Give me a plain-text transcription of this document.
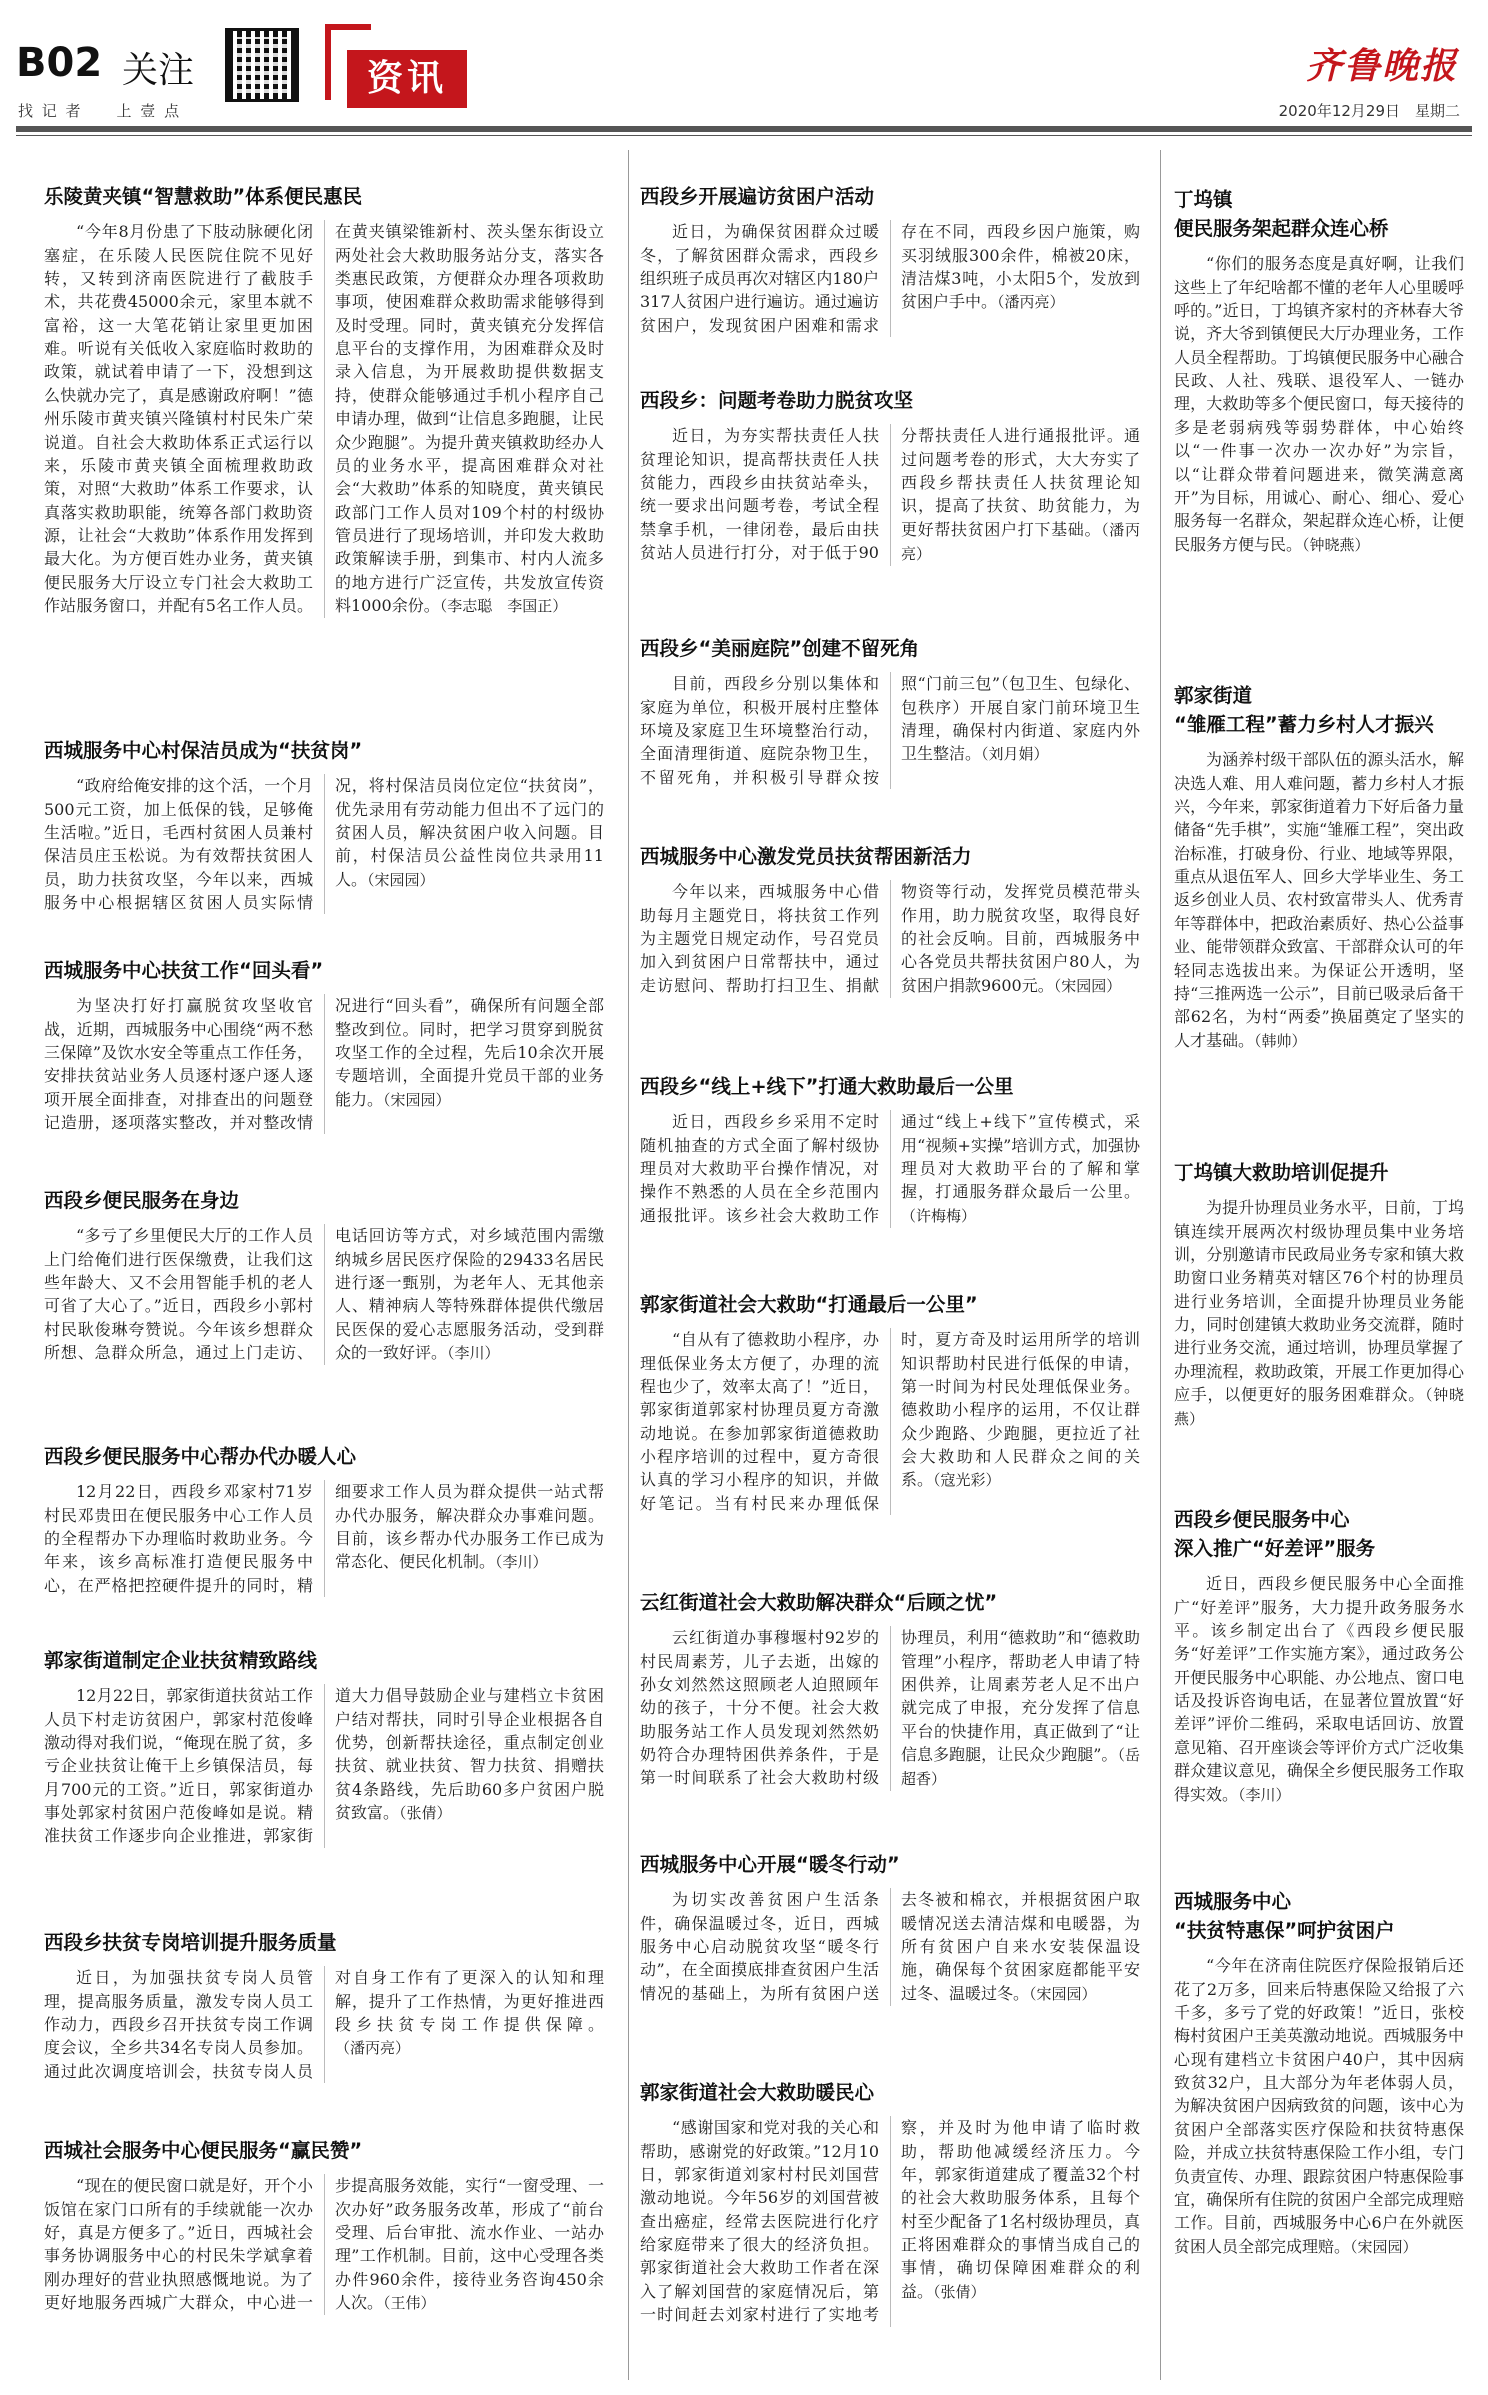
B02 关注
找 记 者　　上 壹 点
资讯	齐鲁晚报
2020年12月29日　星期二
乐陵黄夹镇“智慧救助”体系便民惠民
“今年8月份患了下肢动脉硬化闭塞症，在乐陵人民医院住院不见好转，又转到济南医院进行了截肢手术，共花费45000余元，家里本就不富裕，这一大笔花销让家里更加困难。听说有关低收入家庭临时救助的政策，就试着申请了一下，没想到这么快就办完了，真是感谢政府啊！”德州乐陵市黄夹镇兴隆镇村村民朱广荣说道。自社会大救助体系正式运行以来，乐陵市黄夹镇全面梳理救助政策，对照“大救助”体系工作要求，认真落实救助职能，统筹各部门救助资源，让社会“大救助”体系作用发挥到最大化。为方便百姓办业务，黄夹镇便民服务大厅设立专门社会大救助工作站服务窗口，并配有5名工作人员。在黄夹镇梁锥新村、茨头堡东街设立两处社会大救助服务站分支，落实各类惠民政策，方便群众办理各项救助事项，使困难群众救助需求能够得到及时受理。同时，黄夹镇充分发挥信息平台的支撑作用，为困难群众及时录入信息，为开展救助提供数据支持，使群众能够通过手机小程序自己申请办理，做到“让信息多跑腿，让民众少跑腿”。为提升黄夹镇救助经办人员的业务水平，提高困难群众对社会“大救助”体系的知晓度，黄夹镇民政部门工作人员对109个村的村级协管员进行了现场培训，并印发大救助政策解读手册，到集市、村内人流多的地方进行广泛宣传，共发放宣传资料1000余份。（李志聪　李国正）
西城服务中心村保洁员成为“扶贫岗”
“政府给俺安排的这个活，一个月500元工资，加上低保的钱，足够俺生活啦。”近日，毛西村贫困人员兼村保洁员庄玉松说。为有效帮扶贫困人员，助力扶贫攻坚，今年以来，西城服务中心根据辖区贫困人员实际情况，将村保洁员岗位定位“扶贫岗”，优先录用有劳动能力但出不了远门的贫困人员，解决贫困户收入问题。目前，村保洁员公益性岗位共录用11人。（宋园园）
西城服务中心扶贫工作“回头看”
为坚决打好打赢脱贫攻坚收官战，近期，西城服务中心围绕“两不愁三保障”及饮水安全等重点工作任务，安排扶贫站业务人员逐村逐户逐人逐项开展全面排查，对排查出的问题登记造册，逐项落实整改，并对整改情况进行“回头看”，确保所有问题全部整改到位。同时，把学习贯穿到脱贫攻坚工作的全过程，先后10余次开展专题培训，全面提升党员干部的业务能力。（宋园园）
西段乡便民服务在身边
“多亏了乡里便民大厅的工作人员上门给俺们进行医保缴费，让我们这些年龄大、又不会用智能手机的老人可省了大心了。”近日，西段乡小郭村村民耿俊琳夸赞说。今年该乡想群众所想、急群众所急，通过上门走访、电话回访等方式，对乡域范围内需缴纳城乡居民医疗保险的29433名居民进行逐一甄别，为老年人、无其他亲人、精神病人等特殊群体提供代缴居民医保的爱心志愿服务活动，受到群众的一致好评。（李川）
西段乡便民服务中心帮办代办暖人心
12月22日，西段乡邓家村71岁村民邓贵田在便民服务中心工作人员的全程帮办下办理临时救助业务。今年来，该乡高标准打造便民服务中心，在严格把控硬件提升的同时，精细要求工作人员为群众提供一站式帮办代办服务，解决群众办事难问题。目前，该乡帮办代办服务工作已成为常态化、便民化机制。（李川）
郭家街道制定企业扶贫精致路线
12月22日，郭家街道扶贫站工作人员下村走访贫困户，郭家村范俊峰激动得对我们说，“俺现在脱了贫，多亏企业扶贫让俺干上乡镇保洁员，每月700元的工资。”近日，郭家街道办事处郭家村贫困户范俊峰如是说。精准扶贫工作逐步向企业推进，郭家街道大力倡导鼓励企业与建档立卡贫困户结对帮扶，同时引导企业根据各自优势，创新帮扶途径，重点制定创业扶贫、就业扶贫、智力扶贫、捐赠扶贫4条路线，先后助60多户贫困户脱贫致富。（张倩）
西段乡扶贫专岗培训提升服务质量
近日，为加强扶贫专岗人员管理，提高服务质量，激发专岗人员工作动力，西段乡召开扶贫专岗工作调度会议，全乡共34名专岗人员参加。通过此次调度培训会，扶贫专岗人员对自身工作有了更深入的认知和理解，提升了工作热情，为更好推进西段乡扶贫专岗工作提供保障。（潘丙亮）
西城社会服务中心便民服务“赢民赞”
“现在的便民窗口就是好，开个小饭馆在家门口所有的手续就能一次办好，真是方便多了。”近日，西城社会事务协调服务中心的村民朱学斌拿着刚办理好的营业执照感慨地说。为了更好地服务西城广大群众，中心进一步提高服务效能，实行“一窗受理、一次办好”政务服务改革，形成了“前台受理、后台审批、流水作业、一站办理”工作机制。目前，这中心受理各类办件960余件，接待业务咨询450余人次。（王伟）
西段乡开展遍访贫困户活动
近日，为确保贫困群众过暖冬，了解贫困群众需求，西段乡组织班子成员再次对辖区内180户317人贫困户进行遍访。通过遍访贫困户，发现贫困户困难和需求存在不同，西段乡因户施策，购买羽绒服300余件，棉被20床，清洁煤3吨，小太阳5个，发放到贫困户手中。（潘丙亮）
西段乡：问题考卷助力脱贫攻坚
近日，为夯实帮扶责任人扶贫理论知识，提高帮扶责任人扶贫能力，西段乡由扶贫站牵头，统一要求出问题考卷，考试全程禁拿手机，一律闭卷，最后由扶贫站人员进行打分，对于低于90分帮扶责任人进行通报批评。通过问题考卷的形式，大大夯实了西段乡帮扶责任人扶贫理论知识，提高了扶贫、助贫能力，为更好帮扶贫困户打下基础。（潘丙亮）
西段乡“美丽庭院”创建不留死角
目前，西段乡分别以集体和家庭为单位，积极开展村庄整体环境及家庭卫生环境整治行动，全面清理街道、庭院杂物卫生，不留死角，并积极引导群众按照“门前三包”（包卫生、包绿化、包秩序）开展自家门前环境卫生清理，确保村内街道、家庭内外卫生整洁。（刘月娟）
西城服务中心激发党员扶贫帮困新活力
今年以来，西城服务中心借助每月主题党日，将扶贫工作列为主题党日规定动作，号召党员加入到贫困户日常帮扶中，通过走访慰问、帮助打扫卫生、捐献物资等行动，发挥党员模范带头作用，助力脱贫攻坚，取得良好的社会反响。目前，西城服务中心各党员共帮扶贫困户80人，为贫困户捐款9600元。（宋园园）
西段乡“线上+线下”打通大救助最后一公里
近日，西段乡乡采用不定时随机抽查的方式全面了解村级协理员对大救助平台操作情况，对操作不熟悉的人员在全乡范围内通报批评。该乡社会大救助工作通过“线上+线下”宣传模式，采用“视频+实操”培训方式，加强协理员对大救助平台的了解和掌握，打通服务群众最后一公里。（许梅梅）
郭家街道社会大救助“打通最后一公里”
“自从有了德救助小程序，办理低保业务太方便了，办理的流程也少了，效率太高了！”近日，郭家街道郭家村协理员夏方奇激动地说。在参加郭家街道德救助小程序培训的过程中，夏方奇很认真的学习小程序的知识，并做好笔记。当有村民来办理低保时，夏方奇及时运用所学的培训知识帮助村民进行低保的申请，第一时间为村民处理低保业务。德救助小程序的运用，不仅让群众少跑路、少跑腿，更拉近了社会大救助和人民群众之间的关系。（寇光彩）
云红街道社会大救助解决群众“后顾之忧”
云红街道办事穆堰村92岁的村民周素芳，儿子去逝，出嫁的孙女刘然然这照顾老人迫照顾年幼的孩子，十分不便。社会大救助服务站工作人员发现刘然然奶奶符合办理特困供养条件，于是第一时间联系了社会大救助村级协理员，利用“德救助”和“德救助管理”小程序，帮助老人申请了特困供养，让周素芳老人足不出户就完成了申报，充分发挥了信息平台的快捷作用，真正做到了“让信息多跑腿，让民众少跑腿”。（岳超香）
西城服务中心开展“暖冬行动”
为切实改善贫困户生活条件，确保温暖过冬，近日，西城服务中心启动脱贫攻坚“暖冬行动”，在全面摸底排查贫困户生活情况的基础上，为所有贫困户送去冬被和棉衣，并根据贫困户取暖情况送去清洁煤和电暖器，为所有贫困户自来水安装保温设施，确保每个贫困家庭都能平安过冬、温暖过冬。（宋园园）
郭家街道社会大救助暖民心
“感谢国家和党对我的关心和帮助，感谢党的好政策。”12月10日，郭家街道刘家村村民刘国营激动地说。今年56岁的刘国营被查出癌症，经常去医院进行化疗给家庭带来了很大的经济负担。郭家街道社会大救助工作者在深入了解刘国营的家庭情况后，第一时间赶去刘家村进行了实地考察，并及时为他申请了临时救助，帮助他减缓经济压力。今年，郭家街道建成了覆盖32个村的社会大救助服务体系，且每个村至少配备了1名村级协理员，真正将困难群众的事情当成自己的事情，确切保障困难群众的利益。（张倩）
丁坞镇
便民服务架起群众连心桥
“你们的服务态度是真好啊，让我们这些上了年纪啥都不懂的老年人心里暖呼呼的。”近日，丁坞镇齐家村的齐林春大爷说，齐大爷到镇便民大厅办理业务，工作人员全程帮助。丁坞镇便民服务中心融合民政、人社、残联、退役军人、一链办理，大救助等多个便民窗口，每天接待的多是老弱病残等弱势群体，中心始终以“一件事一次办一次办好”为宗旨，以“让群众带着问题进来，微笑满意离开”为目标，用诚心、耐心、细心、爱心服务每一名群众，架起群众连心桥，让便民服务方便与民。（钟晓燕）
郭家街道
“雏雁工程”蓄力乡村人才振兴
为涵养村级干部队伍的源头活水，解决选人难、用人难问题，蓄力乡村人才振兴，今年来，郭家街道着力下好后备力量储备“先手棋”，实施“雏雁工程”，突出政治标准，打破身份、行业、地域等界限，重点从退伍军人、回乡大学毕业生、务工返乡创业人员、农村致富带头人、优秀青年等群体中，把政治素质好、热心公益事业、能带领群众致富、干部群众认可的年轻同志选拔出来。为保证公开透明，坚持“三推两选一公示”，目前已吸录后备干部62名，为村“两委”换届奠定了坚实的人才基础。（韩帅）
丁坞镇大救助培训促提升
为提升协理员业务水平，日前，丁坞镇连续开展两次村级协理员集中业务培训，分别邀请市民政局业务专家和镇大救助窗口业务精英对辖区76个村的协理员进行业务培训，全面提升协理员业务能力，同时创建镇大救助业务交流群，随时进行业务交流，通过培训，协理员掌握了办理流程，救助政策，开展工作更加得心应手，以便更好的服务困难群众。（钟晓燕）
西段乡便民服务中心
深入推广“好差评”服务
近日，西段乡便民服务中心全面推广“好差评”服务，大力提升政务服务水平。该乡制定出台了《西段乡便民服务“好差评”工作实施方案》，通过政务公开便民服务中心职能、办公地点、窗口电话及投诉咨询电话，在显著位置放置“好差评”评价二维码，采取电话回访、放置意见箱、召开座谈会等评价方式广泛收集群众建议意见，确保全乡便民服务工作取得实效。（李川）
西城服务中心
“扶贫特惠保”呵护贫困户
“今年在济南住院医疗保险报销后还花了2万多，回来后特惠保险又给报了六千多，多亏了党的好政策！”近日，张校梅村贫困户王美英激动地说。西城服务中心现有建档立卡贫困户40户，其中因病致贫32户，且大部分为年老体弱人员，为解决贫困户因病致贫的问题，该中心为贫困户全部落实医疗保险和扶贫特惠保险，并成立扶贫特惠保险工作小组，专门负责宣传、办理、跟踪贫困户特惠保险事宜，确保所有住院的贫困户全部完成理赔工作。目前，西城服务中心6户在外就医贫困人员全部完成理赔。（宋园园）
